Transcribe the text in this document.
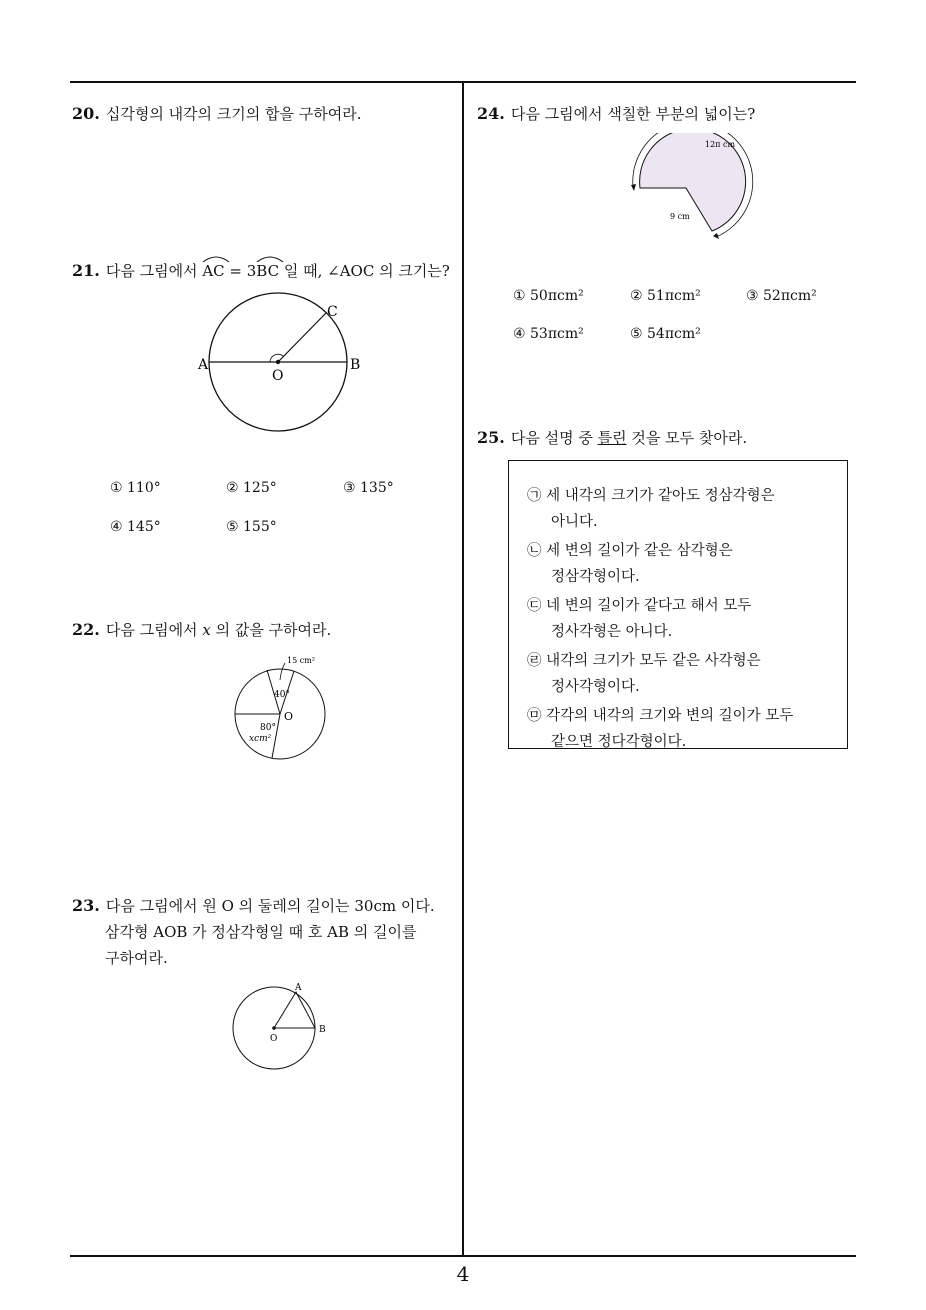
20. 십각형의 내각의 크기의 합을 구하여라.
21. 다음 그림에서
AC = 3
BC 일 때, ∠AOC 의 크기는?
A	B
C
O
① 110°	② 125°	③ 135°
④ 145°	⑤ 155°
22. 다음 그림에서 x 의 값을 구하여라.
15 cm²
40°
80°
xcm²
O
23. 다음 그림에서 원 O 의 둘레의 길이는 30cm 이다.
삼각형 AOB 가 정삼각형일 때 호 AB 의 길이를
구하여라.
A
B
O
24. 다음 그림에서 색칠한 부분의 넓이는?
12π cm
9 cm
① 50πcm²	② 51πcm²	③ 52πcm²
④ 53πcm²	⑤ 54πcm²
25. 다음 설명 중 틀린 것을 모두 찾아라.
㉠ 세 내각의 크기가 같아도 정삼각형은
아니다.
㉡ 세 변의 길이가 같은 삼각형은
정삼각형이다.
㉢ 네 변의 길이가 같다고 해서 모두
정사각형은 아니다.
㉣ 내각의 크기가 모두 같은 사각형은
정사각형이다.
㉤ 각각의 내각의 크기와 변의 길이가 모두
같으면 정다각형이다.
4
